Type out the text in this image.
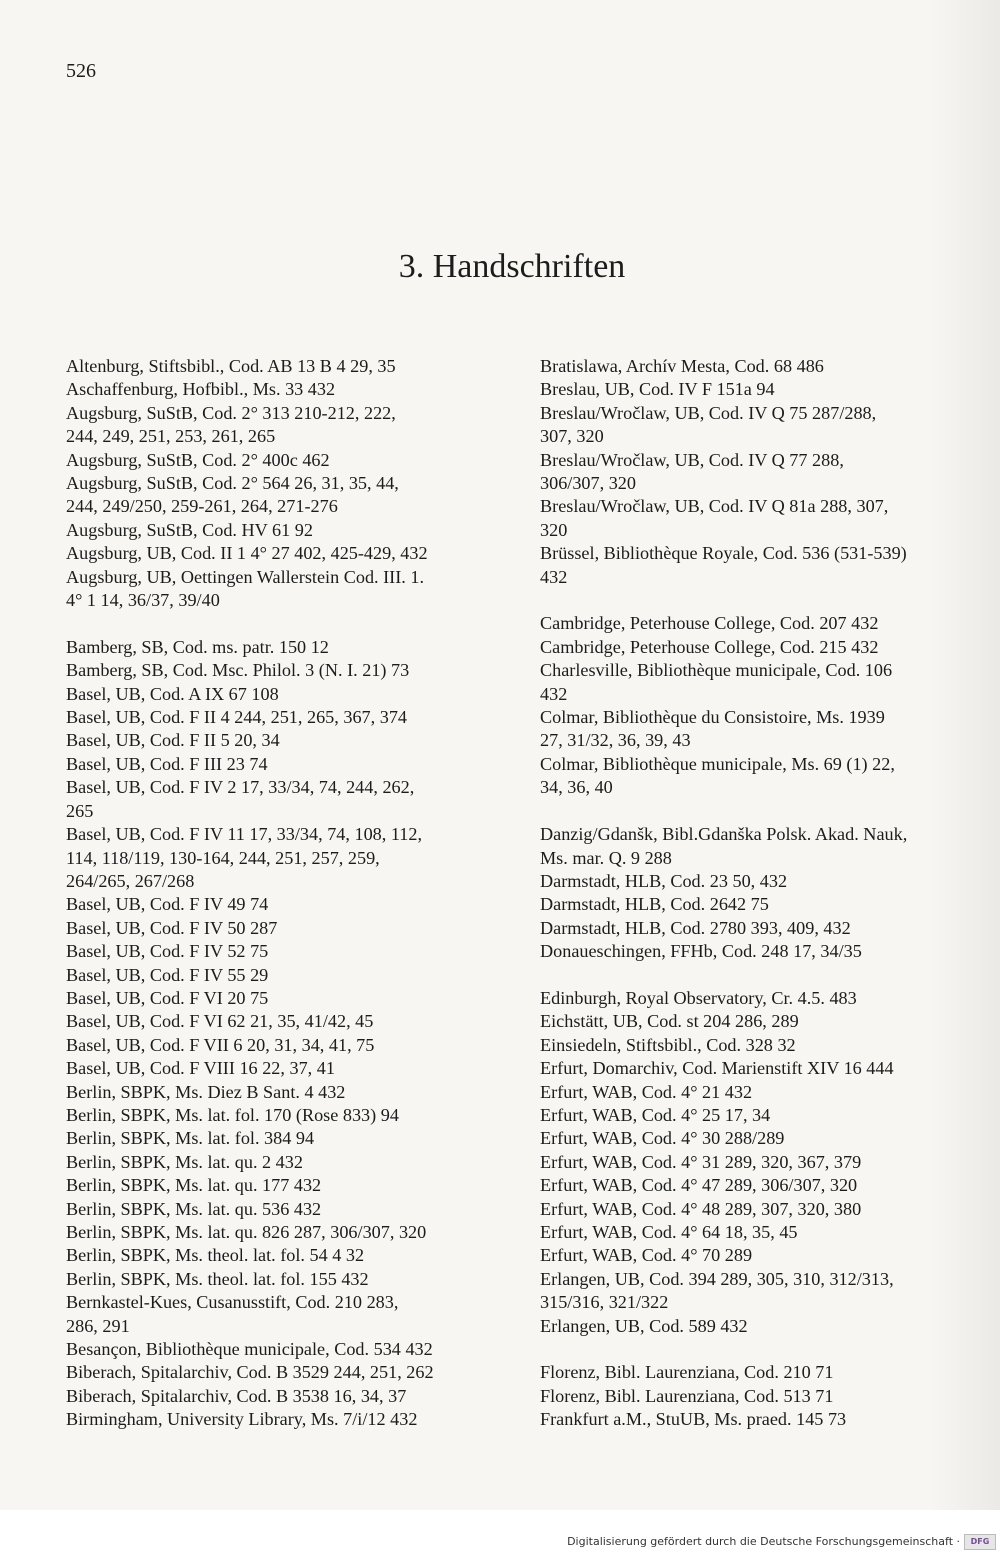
526
3. Handschriften

Altenburg, Stiftsbibl., Cod. AB 13 B 4 29, 35

Aschaffenburg, Hofbibl., Ms. 33 432

Augsburg, SuStB, Cod. 2° 313 210-212, 222,
244, 249, 251, 253, 261, 265

Augsburg, SuStB, Cod. 2° 400c 462

Augsburg, SuStB, Cod. 2° 564 26, 31, 35, 44,
244, 249/250, 259-261, 264, 271-276

Augsburg, SuStB, Cod. HV 61 92

Augsburg, UB, Cod. II 1 4° 27 402, 425-429, 432

Augsburg, UB, Oettingen Wallerstein Cod. III. 1.
4° 1 14, 36/37, 39/40

Bamberg, SB, Cod. ms. patr. 150 12

Bamberg, SB, Cod. Msc. Philol. 3 (N. I. 21) 73

Basel, UB, Cod. A IX 67 108

Basel, UB, Cod. F II 4 244, 251, 265, 367, 374

Basel, UB, Cod. F II 5 20, 34

Basel, UB, Cod. F III 23 74

Basel, UB, Cod. F IV 2 17, 33/34, 74, 244, 262,
265

Basel, UB, Cod. F IV 11 17, 33/34, 74, 108, 112,
114, 118/119, 130-164, 244, 251, 257, 259,
264/265, 267/268

Basel, UB, Cod. F IV 49 74

Basel, UB, Cod. F IV 50 287

Basel, UB, Cod. F IV 52 75

Basel, UB, Cod. F IV 55 29

Basel, UB, Cod. F VI 20 75

Basel, UB, Cod. F VI 62 21, 35, 41/42, 45

Basel, UB, Cod. F VII 6 20, 31, 34, 41, 75

Basel, UB, Cod. F VIII 16 22, 37, 41

Berlin, SBPK, Ms. Diez B Sant. 4 432

Berlin, SBPK, Ms. lat. fol. 170 (Rose 833) 94

Berlin, SBPK, Ms. lat. fol. 384 94

Berlin, SBPK, Ms. lat. qu. 2 432

Berlin, SBPK, Ms. lat. qu. 177 432

Berlin, SBPK, Ms. lat. qu. 536 432

Berlin, SBPK, Ms. lat. qu. 826 287, 306/307, 320

Berlin, SBPK, Ms. theol. lat. fol. 54 4 32

Berlin, SBPK, Ms. theol. lat. fol. 155 432

Bernkastel-Kues, Cusanusstift, Cod. 210 283,
286, 291

Besançon, Bibliothèque municipale, Cod. 534 432

Biberach, Spitalarchiv, Cod. B 3529 244, 251, 262

Biberach, Spitalarchiv, Cod. B 3538 16, 34, 37

Birmingham, University Library, Ms. 7/i/12 432

Bratislawa, Archív Mesta, Cod. 68 486

Breslau, UB, Cod. IV F 151a 94

Breslau/Wročlaw, UB, Cod. IV Q 75 287/288,
307, 320

Breslau/Wročlaw, UB, Cod. IV Q 77 288,
306/307, 320

Breslau/Wročlaw, UB, Cod. IV Q 81a 288, 307,
320

Brüssel, Bibliothèque Royale, Cod. 536 (531-539)
432

Cambridge, Peterhouse College, Cod. 207 432

Cambridge, Peterhouse College, Cod. 215 432

Charlesville, Bibliothèque municipale, Cod. 106
432

Colmar, Bibliothèque du Consistoire, Ms. 1939
27, 31/32, 36, 39, 43

Colmar, Bibliothèque municipale, Ms. 69 (1) 22,
34, 36, 40

Danzig/Gdanšk, Bibl.Gdanška Polsk. Akad. Nauk,
Ms. mar. Q. 9 288

Darmstadt, HLB, Cod. 23 50, 432

Darmstadt, HLB, Cod. 2642 75

Darmstadt, HLB, Cod. 2780 393, 409, 432

Donaueschingen, FFHb, Cod. 248 17, 34/35

Edinburgh, Royal Observatory, Cr. 4.5. 483

Eichstätt, UB, Cod. st 204 286, 289

Einsiedeln, Stiftsbibl., Cod. 328 32

Erfurt, Domarchiv, Cod. Marienstift XIV 16 444

Erfurt, WAB, Cod. 4° 21 432

Erfurt, WAB, Cod. 4° 25 17, 34

Erfurt, WAB, Cod. 4° 30 288/289

Erfurt, WAB, Cod. 4° 31 289, 320, 367, 379

Erfurt, WAB, Cod. 4° 47 289, 306/307, 320

Erfurt, WAB, Cod. 4° 48 289, 307, 320, 380

Erfurt, WAB, Cod. 4° 64 18, 35, 45

Erfurt, WAB, Cod. 4° 70 289

Erlangen, UB, Cod. 394 289, 305, 310, 312/313,
315/316, 321/322

Erlangen, UB, Cod. 589 432

Florenz, Bibl. Laurenziana, Cod. 210 71

Florenz, Bibl. Laurenziana, Cod. 513 71

Frankfurt a.M., StuUB, Ms. praed. 145 73

Digitalisierung gefördert durch die Deutsche Forschungsgemeinschaft ·	DFG
